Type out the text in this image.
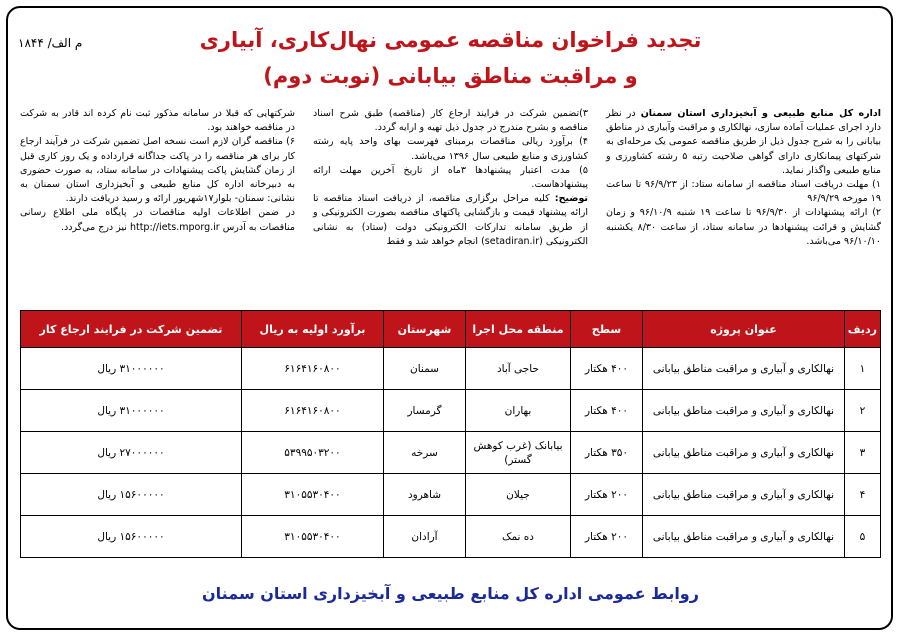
م الف/ ۱۸۴۴	تجدید فراخوان مناقصه عمومی نهال‌کاری، آبیاری
و مراقبت مناطق بیابانی (نوبت دوم)

اداره کل منابع طبیعی و آبخیزداری استان سمنان در نظر دارد اجرای عملیات آماده سازی، نهالکاری و مراقبت وآبیاری در مناطق بیابانی را به شرح جدول ذیل از طریق مناقصه عمومی یک مرحله‌ای به شرکتهای پیمانکاری دارای گواهی صلاحیت رتبه ۵ رشته کشاورزی و منابع طبیعی واگذار نماید.

۱) مهلت دریافت اسناد مناقصه از سامانه ستاد: از ۹۶/۹/۲۳ تا ساعت ۱۹ مورخه ۹۶/۹/۲۹

۲) ارائه پیشنهادات از ۹۶/۹/۳۰ تا ساعت ۱۹ شنبه ۹۶/۱۰/۹ و زمان گشایش و قرائت پیشنهادها در سامانه ستاد، از ساعت ۸/۳۰ یکشنبه ۹۶/۱۰/۱۰ می‌باشد.

۳)تضمین شرکت در فرایند ارجاع کار (مناقصه) طبق شرح اسناد مناقصه و بشرح مندرج در جدول ذیل تهیه و ارایه گردد.

۴) برآورد ریالی مناقصات برمبنای فهرست بهای واحد پایه رشته کشاورزی و منابع طبیعی سال ۱۳۹۶ می‌باشد.

۵) مدت اعتبار پیشنهادها ۳ماه از تاریخ آخرین مهلت ارائه پیشنهادهاست.

توضیح: کلیه مراحل برگزاری مناقصه، از دریافت اسناد مناقصه تا ارائه پیشنهاد قیمت و بازگشایی پاکتهای مناقصه بصورت الکترونیکی و از طریق سامانه تدارکات الکترونیکی دولت (ستاد) به نشانی الکترونیکی (setadiran.ir) انجام خواهد شد و فقط

شرکتهایی که قبلا در سامانه مذکور ثبت نام کرده اند قادر به شرکت در مناقصه خواهند بود.

۶) مناقصه گران لازم است نسخه اصل تضمین شرکت در فرآیند ارجاع کار برای هر مناقصه را در پاکت جداگانه قرارداده و یک روز کاری قبل از زمان گشایش پاکت پیشنهادات در سامانه ستاد، به صورت حضوری به دبیرخانه اداره کل منابع طبیعی و آبخیزداری استان سمنان به نشانی: سمنان- بلوار۱۷شهریور ارائه و رسید دریافت دارند.

در ضمن اطلاعات اولیه مناقصات در پایگاه ملی اطلاع رسانی مناقصات به آدرس http://iets.mporg.ir نیز درج می‌گردد.

ردیف	عنوان پروژه	سطح	منطقه محل اجرا	شهرستان	برآورد اولیه به ریال	تضمین شرکت در فرایند ارجاع کار
۱	نهالکاری و آبیاری و مراقبت مناطق بیابانی	۴۰۰ هکتار	حاجی آباد	سمنان	۶۱۶۴۱۶۰۸۰۰	۳۱۰۰۰۰۰۰ ریال
۲	نهالکاری و آبیاری و مراقبت مناطق بیابانی	۴۰۰ هکتار	بهاران	گرمسار	۶۱۶۴۱۶۰۸۰۰	۳۱۰۰۰۰۰۰ ریال
۳	نهالکاری و آبیاری و مراقبت مناطق بیابانی	۳۵۰ هکتار	بیابانک (غرب کوهش گستر)	سرخه	۵۳۹۹۵۰۳۲۰۰	۲۷۰۰۰۰۰۰ ریال
۴	نهالکاری و آبیاری و مراقبت مناطق بیابانی	۲۰۰ هکتار	جیلان	شاهرود	۳۱۰۵۵۳۰۴۰۰	۱۵۶۰۰۰۰۰ ریال
۵	نهالکاری و آبیاری و مراقبت مناطق بیابانی	۲۰۰ هکتار	ده نمک	آرادان	۳۱۰۵۵۳۰۴۰۰	۱۵۶۰۰۰۰۰ ریال
روابط عمومی اداره کل منابع طبیعی و آبخیزداری استان سمنان
